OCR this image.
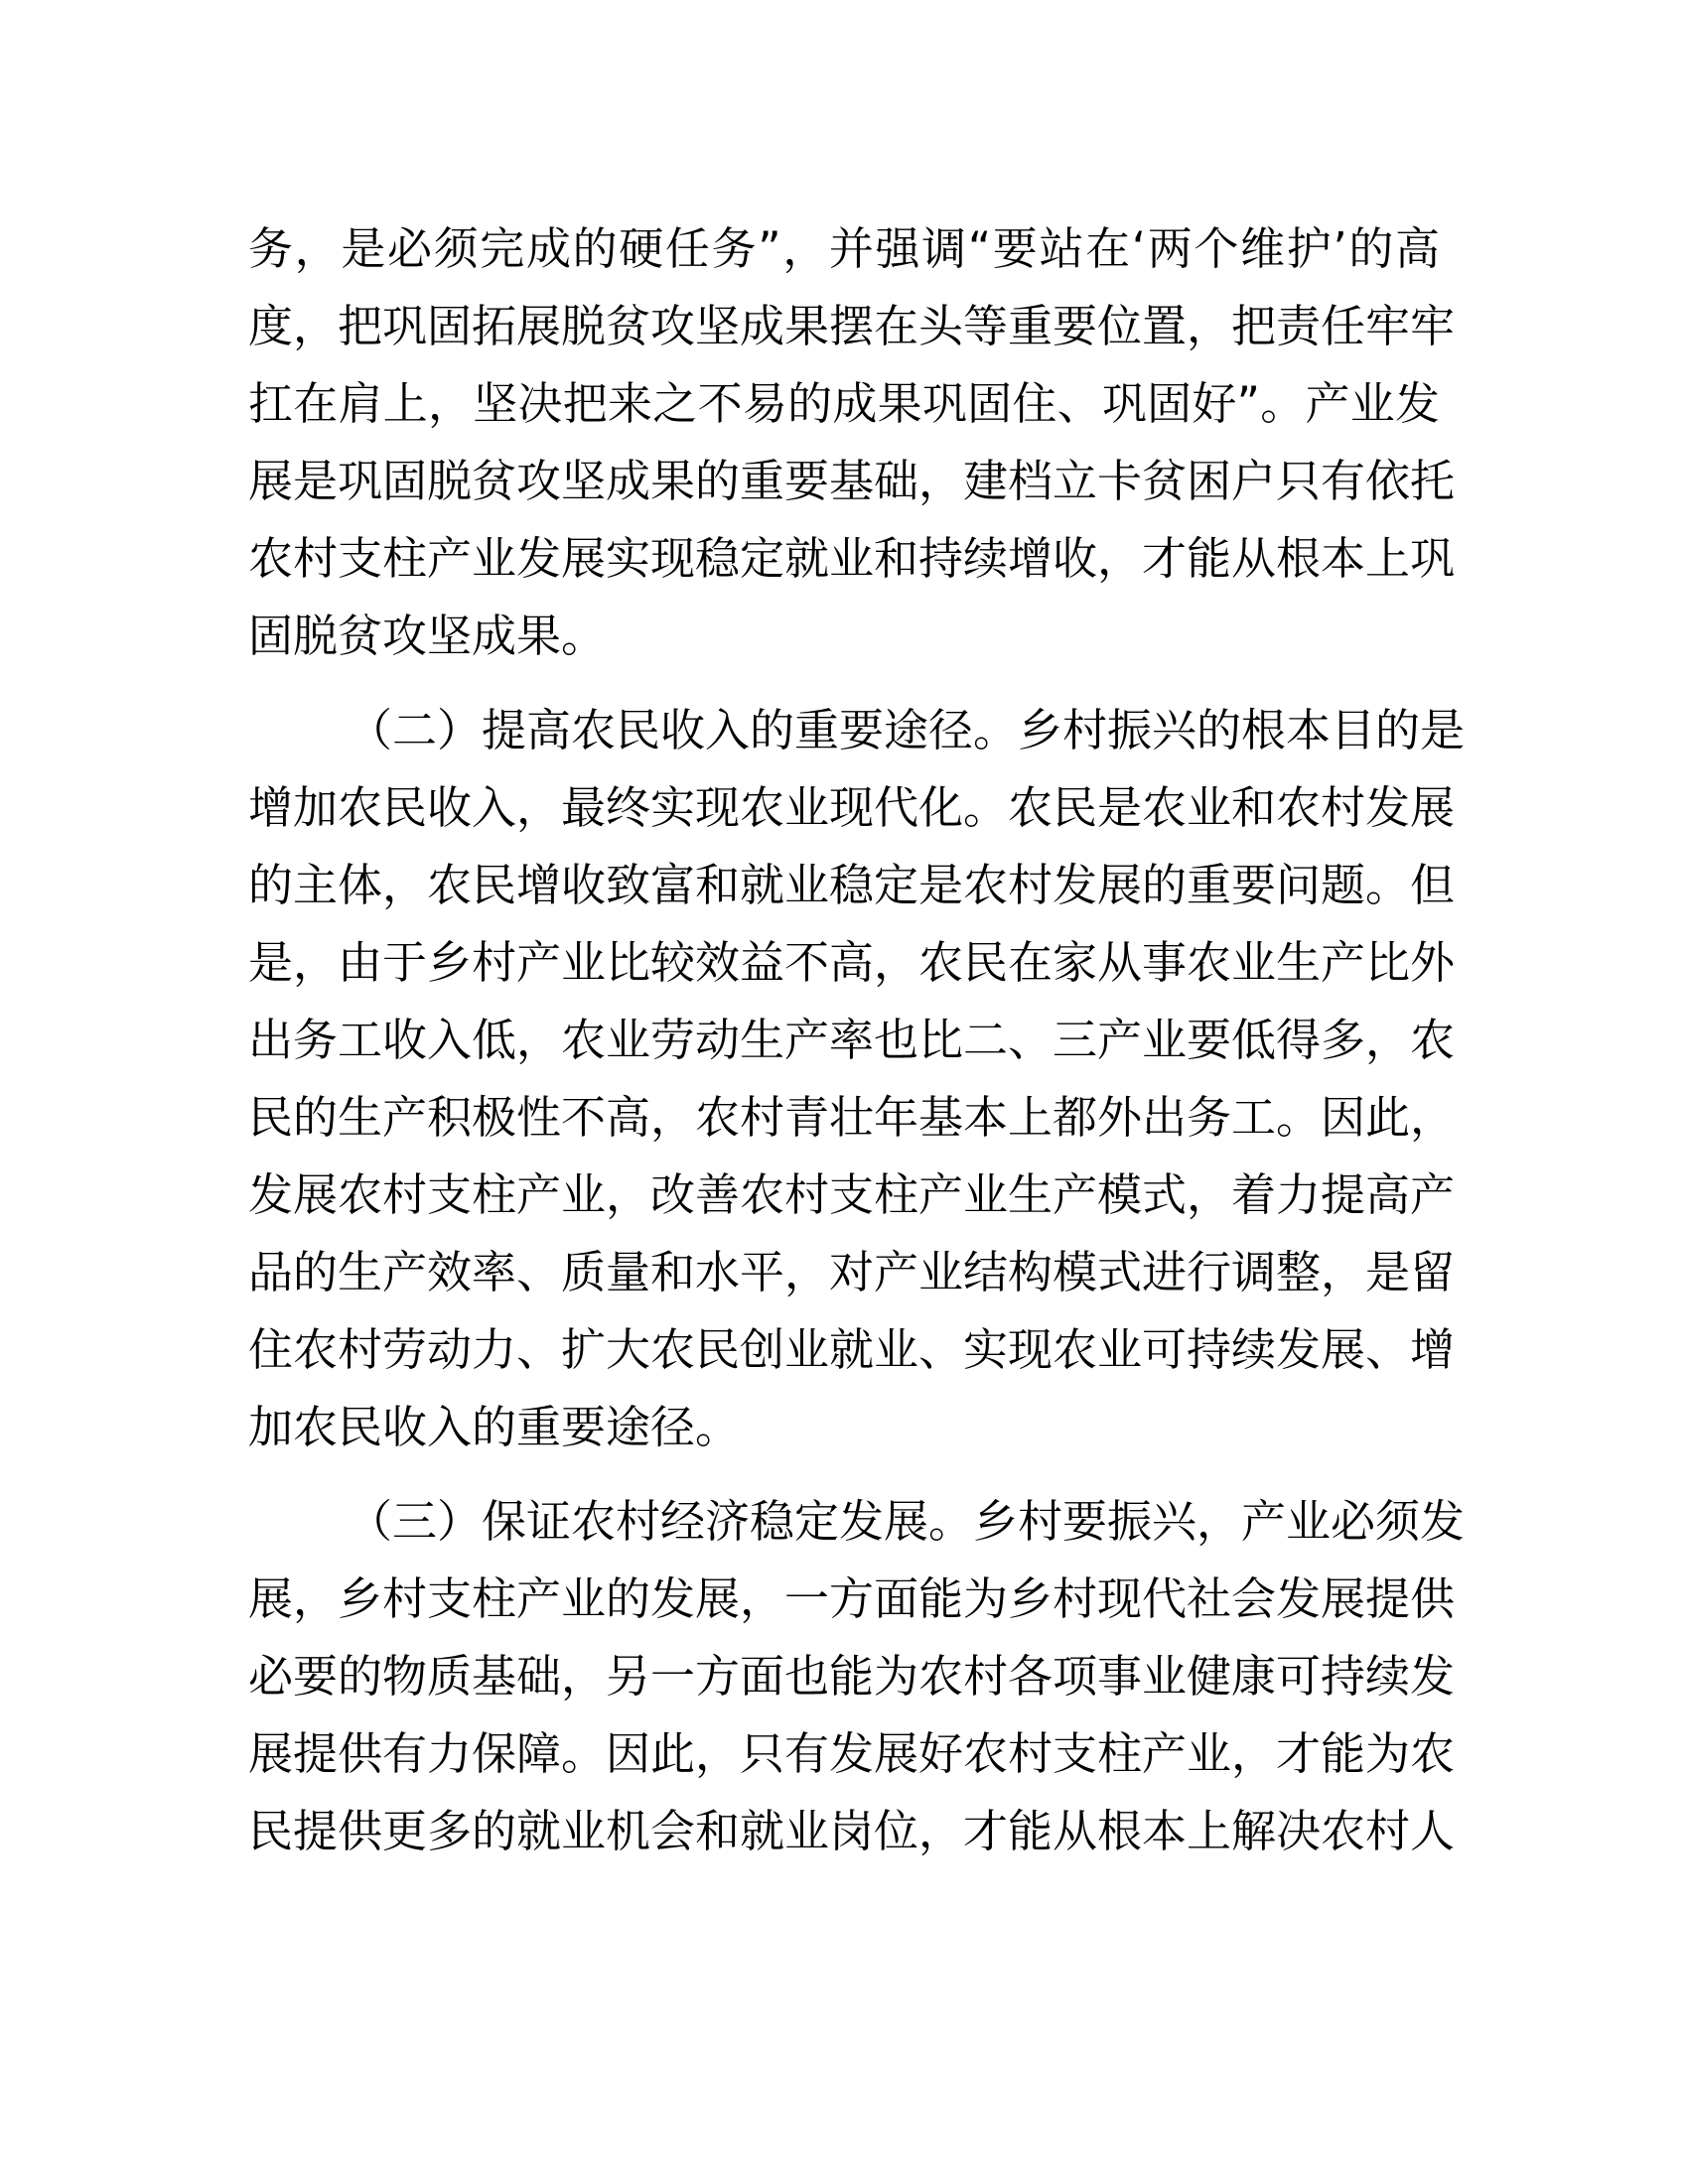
务，是必须完成的硬任务”，并强调“要站在‘两个维护’的高
度，把巩固拓展脱贫攻坚成果摆在头等重要位置，把责任牢牢
扛在肩上，坚决把来之不易的成果巩固住、巩固好”。产业发
展是巩固脱贫攻坚成果的重要基础，建档立卡贫困户只有依托
农村支柱产业发展实现稳定就业和持续增收，才能从根本上巩
固脱贫攻坚成果。
（二）提高农民收入的重要途径。乡村振兴的根本目的是
增加农民收入，最终实现农业现代化。农民是农业和农村发展
的主体，农民增收致富和就业稳定是农村发展的重要问题。但
是，由于乡村产业比较效益不高，农民在家从事农业生产比外
出务工收入低，农业劳动生产率也比二、三产业要低得多，农
民的生产积极性不高，农村青壮年基本上都外出务工。因此，
发展农村支柱产业，改善农村支柱产业生产模式，着力提高产
品的生产效率、质量和水平，对产业结构模式进行调整，是留
住农村劳动力、扩大农民创业就业、实现农业可持续发展、增
加农民收入的重要途径。
（三）保证农村经济稳定发展。乡村要振兴，产业必须发
展，乡村支柱产业的发展，一方面能为乡村现代社会发展提供
必要的物质基础，另一方面也能为农村各项事业健康可持续发
展提供有力保障。因此，只有发展好农村支柱产业，才能为农
民提供更多的就业机会和就业岗位，才能从根本上解决农村人
